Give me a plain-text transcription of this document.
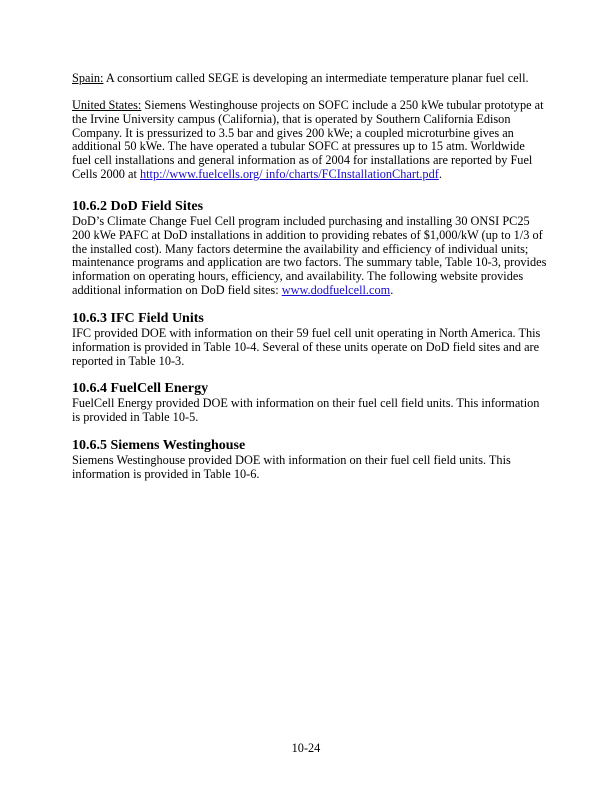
Spain: A consortium called SEGE is developing an intermediate temperature planar fuel cell.
United States: Siemens Westinghouse projects on SOFC include a 250 kWe tubular prototype at
the Irvine University campus (California), that is operated by Southern California Edison
Company. It is pressurized to 3.5 bar and gives 200 kWe; a coupled microturbine gives an
additional 50 kWe. The have operated a tubular SOFC at pressures up to 15 atm. Worldwide
fuel cell installations and general information as of 2004 for installations are reported by Fuel
Cells 2000 at http://www.fuelcells.org/ info/charts/FCInstallationChart.pdf.
10.6.2 DoD Field Sites
DoD’s Climate Change Fuel Cell program included purchasing and installing 30 ONSI PC25
200 kWe PAFC at DoD installations in addition to providing rebates of $1,000/kW (up to 1/3 of
the installed cost). Many factors determine the availability and efficiency of individual units;
maintenance programs and application are two factors. The summary table, Table 10-3, provides
information on operating hours, efficiency, and availability. The following website provides
additional information on DoD field sites: www.dodfuelcell.com.
10.6.3 IFC Field Units
IFC provided DOE with information on their 59 fuel cell unit operating in North America. This
information is provided in Table 10-4. Several of these units operate on DoD field sites and are
reported in Table 10-3.
10.6.4 FuelCell Energy
FuelCell Energy provided DOE with information on their fuel cell field units. This information
is provided in Table 10-5.
10.6.5 Siemens Westinghouse
Siemens Westinghouse provided DOE with information on their fuel cell field units. This
information is provided in Table 10-6.
10-24
